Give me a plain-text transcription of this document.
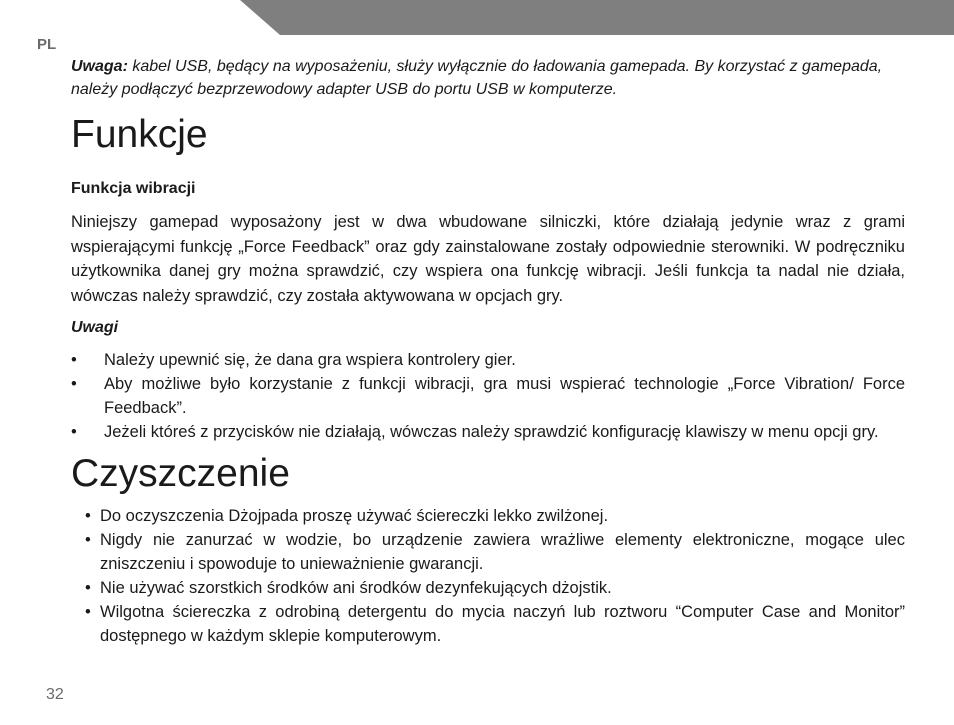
PL

Uwaga: kabel USB, będący na wyposażeniu, służy wyłącznie do ładowania gamepada. By korzystać z gamepada, należy podłączyć bezprzewodowy adapter USB do portu USB w komputerze.

Funkcje
Funkcja wibracji

Niniejszy gamepad wyposażony jest w dwa wbudowane silniczki, które działają jedynie wraz z grami wspierającymi funkcję „Force Feedback” oraz gdy zainstalowane zostały odpowiednie sterowniki. W podręczniku użytkownika danej gry można sprawdzić, czy wspiera ona funkcję wibracji. Jeśli funkcja ta nadal nie działa, wówczas należy sprawdzić, czy została aktywowana w opcjach gry.

Uwagi
• Należy upewnić się, że dana gra wspiera kontrolery gier.
• Aby możliwe było korzystanie z funkcji wibracji, gra musi wspierać technologie „Force Vibration/ Force Feedback”.
• Jeżeli któreś z przycisków nie działają, wówczas należy sprawdzić konfigurację klawiszy w menu opcji gry.
Czyszczenie
• Do oczyszczenia Dżojpada proszę używać ściereczki lekko zwilżonej.
• Nigdy nie zanurzać w wodzie, bo urządzenie zawiera wrażliwe elementy elektroniczne, mogące ulec zniszczeniu i spowoduje to unieważnienie gwarancji.
• Nie używać szorstkich środków ani środków dezynfekujących dżojstik.
• Wilgotna ściereczka z odrobiną detergentu do mycia naczyń lub roztworu “Computer Case and Monitor” dostępnego w każdym sklepie komputerowym.
32
